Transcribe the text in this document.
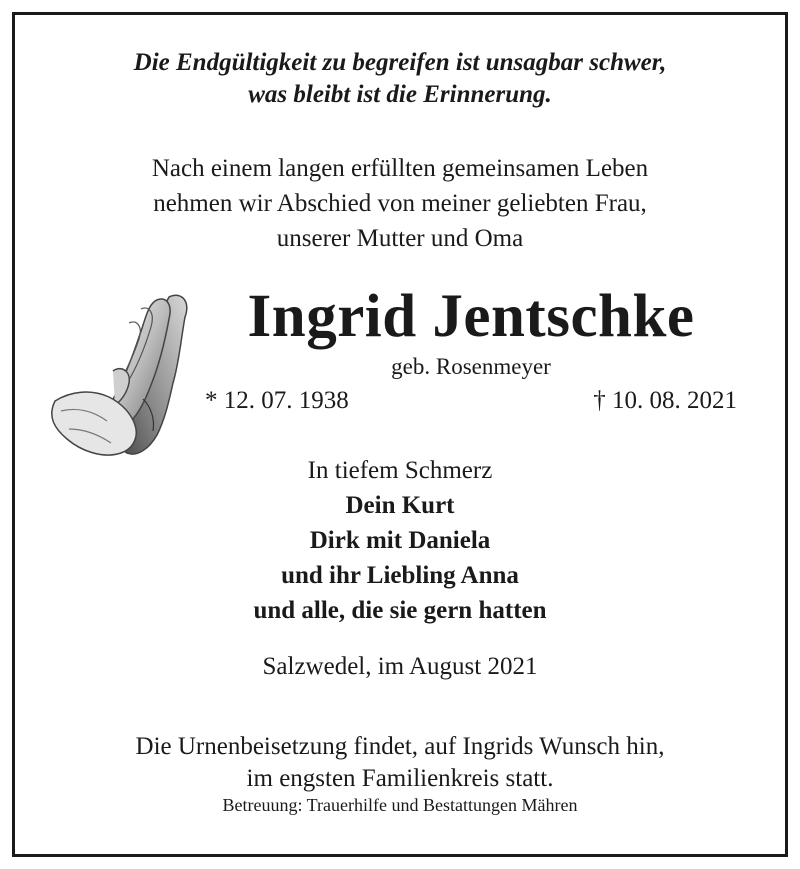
Die Endgültigkeit zu begreifen ist unsagbar schwer,
was bleibt ist die Erinnerung.
Nach einem langen erfüllten gemeinsamen Leben
nehmen wir Abschied von meiner geliebten Frau,
unserer Mutter und Oma
Ingrid Jentschke
geb. Rosenmeyer
* 12. 07. 1938	† 10. 08. 2021
In tiefem Schmerz
Dein Kurt
Dirk mit Daniela
und ihr Liebling Anna
und alle, die sie gern hatten
Salzwedel, im August 2021
Die Urnenbeisetzung findet, auf Ingrids Wunsch hin,
im engsten Familienkreis statt.
Betreuung: Trauerhilfe und Bestattungen Mähren
